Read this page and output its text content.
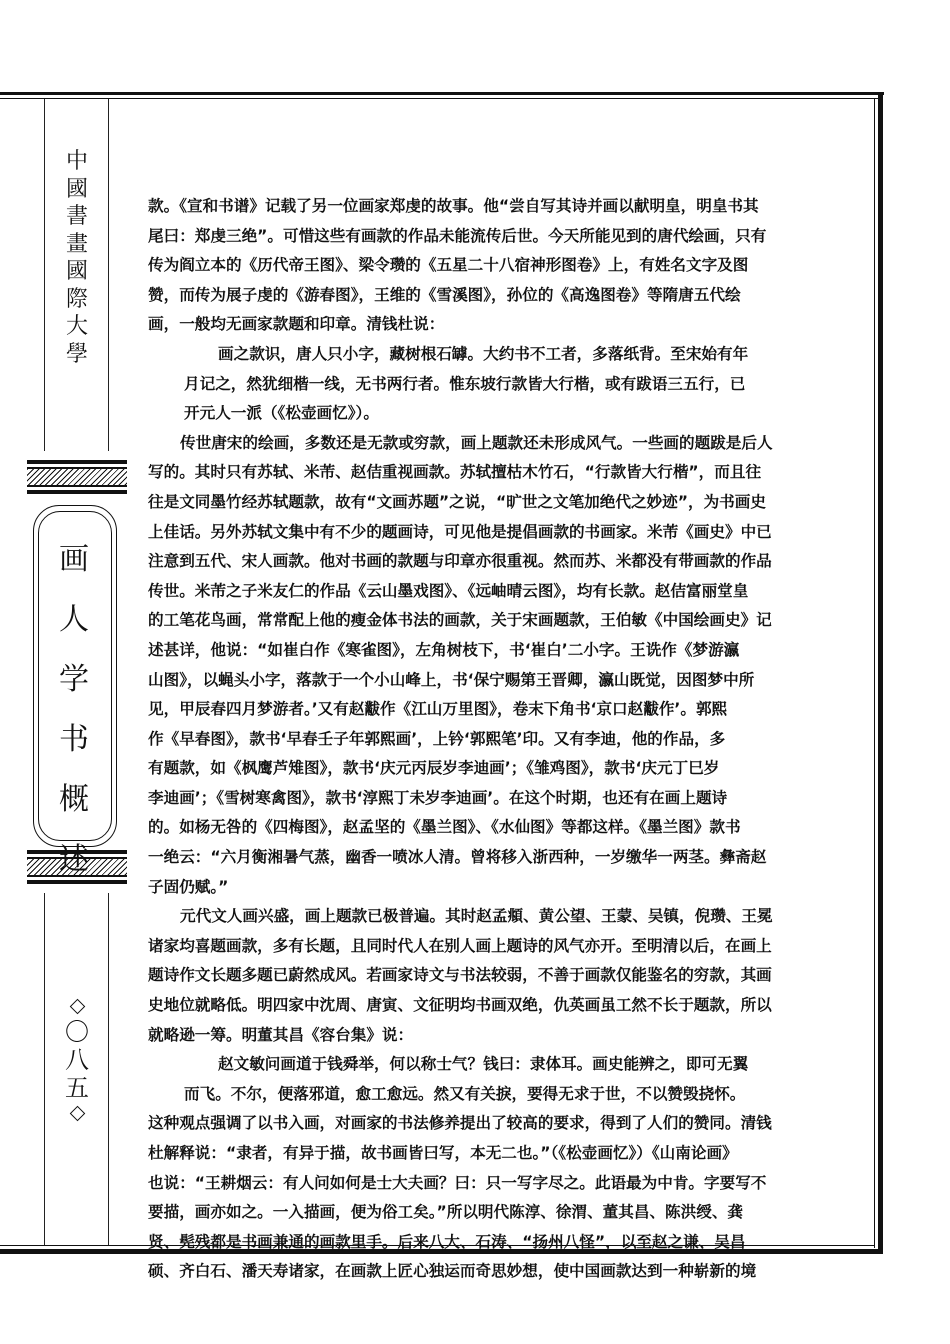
中
國
書
畫
國
際
大
學
画
人
学
书
概
述
〇
八
五
款。《宣和书谱》记载了另一位画家郑虔的故事。他“尝自写其诗并画以献明皇，明皇书其
尾曰：郑虔三绝”。可惜这些有画款的作品未能流传后世。今天所能见到的唐代绘画，只有
传为阎立本的《历代帝王图》、梁令瓒的《五星二十八宿神形图卷》上，有姓名文字及图
赞，而传为展子虔的《游春图》，王维的《雪溪图》，孙位的《高逸图卷》等隋唐五代绘
画，一般均无画家款题和印章。清钱杜说：
画之款识，唐人只小字，藏树根石罅。大约书不工者，多落纸背。至宋始有年
月记之，然犹细楷一线，无书两行者。惟东坡行款皆大行楷，或有跋语三五行，已
开元人一派（《松壶画忆》）。
传世唐宋的绘画，多数还是无款或穷款，画上题款还未形成风气。一些画的题跋是后人
写的。其时只有苏轼、米芾、赵佶重视画款。苏轼擅枯木竹石，“行款皆大行楷”，而且往
往是文同墨竹经苏轼题款，故有“文画苏题”之说，“旷世之文笔加绝代之妙迹”，为书画史
上佳话。另外苏轼文集中有不少的题画诗，可见他是提倡画款的书画家。米芾《画史》中已
注意到五代、宋人画款。他对书画的款题与印章亦很重视。然而苏、米都没有带画款的作品
传世。米芾之子米友仁的作品《云山墨戏图》、《远岫晴云图》，均有长款。赵佶富丽堂皇
的工笔花鸟画，常常配上他的瘦金体书法的画款，关于宋画题款，王伯敏《中国绘画史》记
述甚详，他说：“如崔白作《寒雀图》，左角树枝下，书‘崔白’二小字。王诜作《梦游瀛
山图》，以蝇头小字，落款于一个小山峰上，书‘保宁赐第王晋卿，瀛山既觉，因图梦中所
见，甲辰春四月梦游者。’又有赵黻作《江山万里图》，卷末下角书‘京口赵黻作’。郭熙
作《早春图》，款书‘早春壬子年郭熙画’，上钤‘郭熙笔’印。又有李迪，他的作品，多
有题款，如《枫鹰芦雉图》，款书‘庆元丙辰岁李迪画’；《雏鸡图》，款书‘庆元丁巳岁
李迪画’；《雪树寒禽图》，款书‘淳熙丁未岁李迪画’。在这个时期，也还有在画上题诗
的。如杨无咎的《四梅图》，赵孟坚的《墨兰图》、《水仙图》等都这样。《墨兰图》款书
一绝云：“六月衡湘暑气蒸，幽香一喷冰人清。曾将移入浙西种，一岁缴华一两茎。彝斋赵
子固仍赋。”
元代文人画兴盛，画上题款已极普遍。其时赵孟頫、黄公望、王蒙、吴镇，倪瓒、王冕
诸家均喜题画款，多有长题，且同时代人在别人画上题诗的风气亦开。至明清以后，在画上
题诗作文长题多题已蔚然成风。若画家诗文与书法较弱，不善于画款仅能鉴名的穷款，其画
史地位就略低。明四家中沈周、唐寅、文征明均书画双绝，仇英画虽工然不长于题款，所以
就略逊一筹。明董其昌《容台集》说：
赵文敏问画道于钱舜举，何以称士气？钱曰：隶体耳。画史能辨之，即可无翼
而飞。不尔，便落邪道，愈工愈远。然又有关捩，要得无求于世，不以赞毁挠怀。
这种观点强调了以书入画，对画家的书法修养提出了较高的要求，得到了人们的赞同。清钱
杜解释说：“隶者，有异于描，故书画皆曰写，本无二也。”（《松壶画忆》）《山南论画》
也说：“王耕烟云：有人问如何是士大夫画？曰：只一写字尽之。此语最为中肯。字要写不
要描，画亦如之。一入描画，便为俗工矣。”所以明代陈淳、徐渭、董其昌、陈洪绶、龚
贤、髡残都是书画兼通的画款里手。后来八大、石涛、“扬州八怪”，以至赵之谦、吴昌
硕、齐白石、潘天寿诸家，在画款上匠心独运而奇思妙想，使中国画款达到一种崭新的境
